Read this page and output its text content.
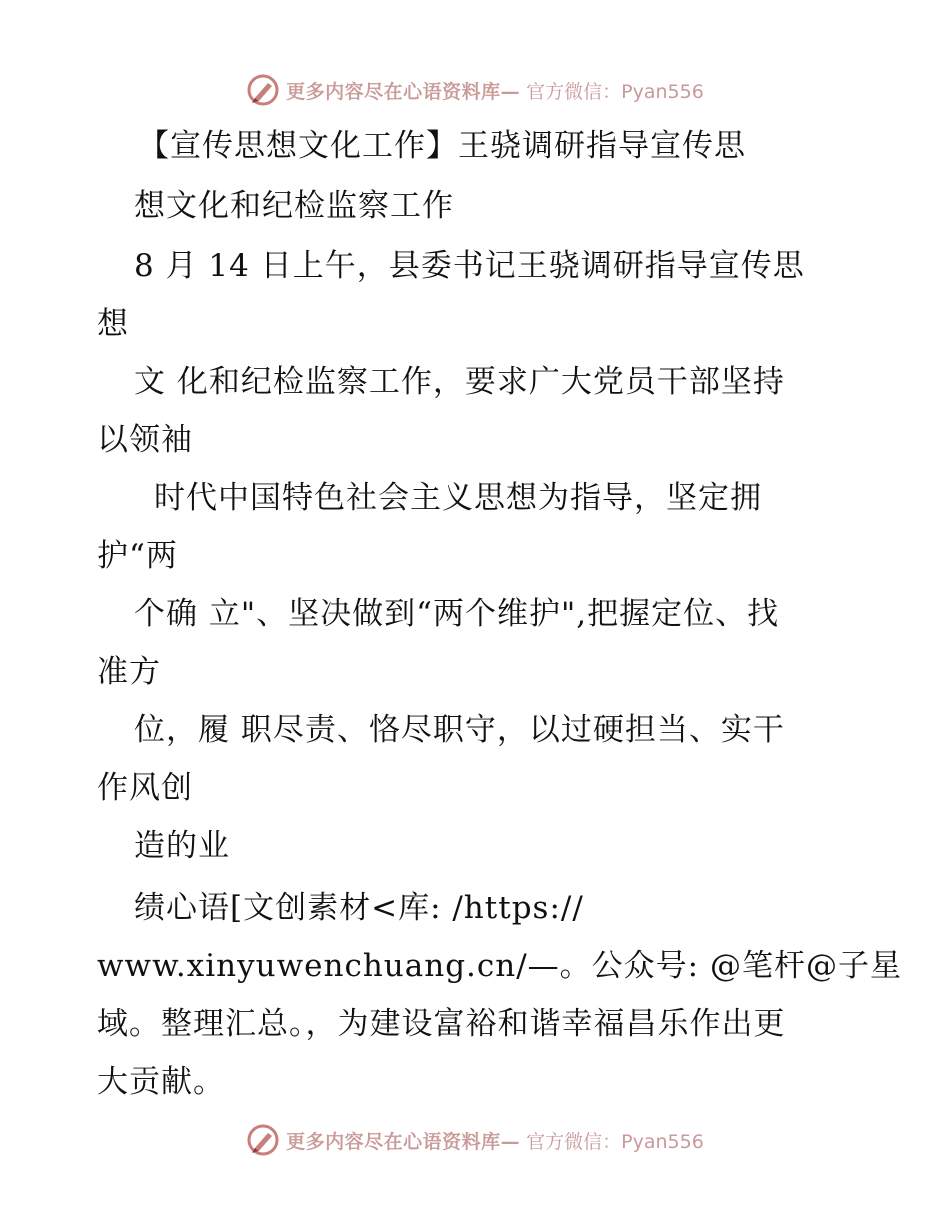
更多内容尽在心语资料库— 官方微信：Pyan556
【宣传思想文化工作】王骁调研指导宣传思
想文化和纪检监察工作
8 月 14 日上午，县委书记王骁调研指导宣传思
想
文 化和纪检监察工作，要求广大党员干部坚持
以领袖
时代中国特色社会主义思想为指导，坚定拥
护“两
个确 立"、坚决做到“两个维护",把握定位、找
准方
位，履 职尽责、恪尽职守，以过硬担当、实干
作风创
造的业
绩心语[文创素材<库: /https://
www.xinyuwenchuang.cn/—。公众号: @笔杆@子星
域。整理汇总。，为建设富裕和谐幸福昌乐作出更
大贡献。
更多内容尽在心语资料库— 官方微信：Pyan556
